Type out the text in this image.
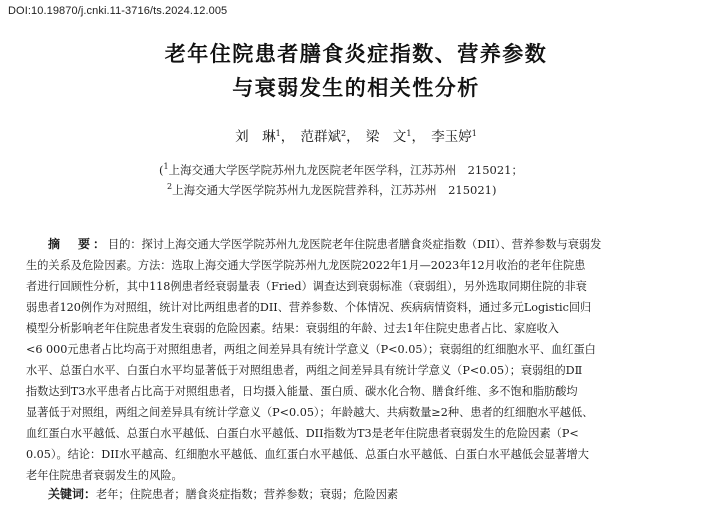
DOI:10.19870/j.cnki.11-3716/ts.2024.12.005
老年住院患者膳食炎症指数、营养参数
与衰弱发生的相关性分析
刘　琳$^1$， 范群斌$^2$， 梁　文$^1$， 李玉婷$^1$
($^1$上海交通大学医学院苏州九龙医院老年医学科，江苏苏州　215021；
$^2$上海交通大学医学院苏州九龙医院营养科，江苏苏州　215021)
摘　要：目的：探讨上海交通大学医学院苏州九龙医院老年住院患者膳食炎症指数（DII）、营养参数与衰弱发
生的关系及危险因素。方法：选取上海交通大学医学院苏州九龙医院2022年1月—2023年12月收治的老年住院患
者进行回顾性分析，其中118例患者经衰弱量表（Fried）调查达到衰弱标准（衰弱组），另外选取同期住院的非衰
弱患者120例作为对照组，统计对比两组患者的DII、营养参数、个体情况、疾病病情资料，通过多元Logistic回归
模型分析影响老年住院患者发生衰弱的危险因素。结果：衰弱组的年龄、过去1年住院史患者占比、家庭收入
<6 000元患者占比均高于对照组患者，两组之间差异具有统计学意义（P<0.05）；衰弱组的红细胞水平、血红蛋白
水平、总蛋白水平、白蛋白水平均显著低于对照组患者，两组之间差异具有统计学意义（P<0.05）；衰弱组的DⅡ
指数达到T3水平患者占比高于对照组患者，日均摄入能量、蛋白质、碳水化合物、膳食纤维、多不饱和脂肪酸均
显著低于对照组，两组之间差异具有统计学意义（P<0.05）；年龄越大、共病数量≥2种、患者的红细胞水平越低、
血红蛋白水平越低、总蛋白水平越低、白蛋白水平越低、DII指数为T3是老年住院患者衰弱发生的危险因素（P<
0.05）。结论：DII水平越高、红细胞水平越低、血红蛋白水平越低、总蛋白水平越低、白蛋白水平越低会显著增大
老年住院患者衰弱发生的风险。
关键词：老年；住院患者；膳食炎症指数；营养参数；衰弱；危险因素
